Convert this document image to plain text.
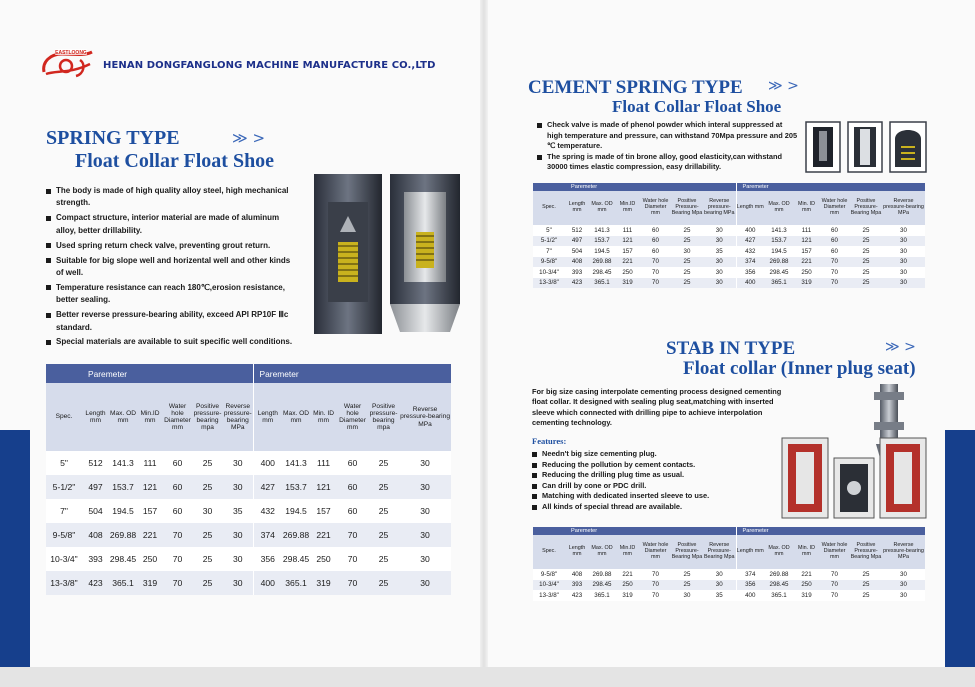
EASTLOONG
HENAN DONGFANGLONG MACHINE MANUFACTURE CO.,LTD
SPRING TYPE	≫ >
Float Collar Float Shoe
The body is made of high quality alloy steel, high mechanical strength.
Compact structure, interior material are made of aluminum alloy, better drillability.
Used spring return check valve, preventing grout return.
Suitable for big slope well and horizental well and other kinds of well.
Temperature resistance can reach 180℃,erosion resistance, better sealing.
Better reverse pressure-bearing ability, exceed API RP10F Ⅲc standard.
Special materials are available to suit specific well conditions.
	Paremeter						Paremeter					
Spec.	Length mm	Max. OD mm	Min.ID mm	Water hole Diameter mm	Positive pressure-bearing mpa	Reverse pressure-bearing MPa	Length mm	Max. OD mm	Min. ID mm	Water hole Diameter mm	Positive pressure-bearing mpa	Reverse pressure-bearing MPa
5"	512	141.3	111	60	25	30	400	141.3	111	60	25	30
5-1/2"	497	153.7	121	60	25	30	427	153.7	121	60	25	30
7"	504	194.5	157	60	30	35	432	194.5	157	60	25	30
9-5/8"	408	269.88	221	70	25	30	374	269.88	221	70	25	30
10-3/4"	393	298.45	250	70	25	30	356	298.45	250	70	25	30
13-3/8"	423	365.1	319	70	25	30	400	365.1	319	70	25	30
CEMENT SPRING TYPE ≫ >
Float Collar Float Shoe
Check valve is made of phenol powder which interal suppressed at high temperature and pressure, can withstand 70Mpa pressure and 205 ℃ temperature.
The spring is made of tin brone alloy, good elasticity,can withstand 30000 times elastic compression, easy drillability.
	Paremeter						Paremeter					
Spec.	Length mm	Max. OD mm	Min.ID mm	Water hole Diameter mm	Positive Pressure-Bearing Mpa	Reverse pressure-bearing MPa	Length mm	Max. OD mm	Min. ID mm	Water hole Diameter mm	Positive Pressure-Bearing Mpa	Reverse pressure-bearing MPa
5"	512	141.3	111	60	25	30	400	141.3	111	60	25	30
5-1/2"	497	153.7	121	60	25	30	427	153.7	121	60	25	30
7"	504	194.5	157	60	30	35	432	194.5	157	60	25	30
9-5/8"	408	269.88	221	70	25	30	374	269.88	221	70	25	30
10-3/4"	393	298.45	250	70	25	30	356	298.45	250	70	25	30
13-3/8"	423	365.1	319	70	25	30	400	365.1	319	70	25	30
STAB IN TYPE	≫ >
Float collar (Inner plug seat)
For big size casing interpolate cementing process designed cementing float collar. It designed with sealing plug seat,matching with inserted sleeve which connected with drilling pipe to achieve interpolation cementing technology.
Features:
Needn't big size cementing plug.
Reducing the pollution by cement contacts.
Reducing the drilling plug time as usual.
Can drill by cone or PDC drill.
Matching with dedicated inserted sleeve to use.
All kinds of special thread are available.
	Paremeter						Paremeter					
Spec.	Length mm	Max. OD mm	Min.ID mm	Water hole Diameter mm	Positive Pressure-Bearing Mpa	Reverse Pressure-Bearing Mpa	Length mm	Max. OD mm	Min. ID mm	Water hole Diameter mm	Positive Pressure-Bearing Mpa	Reverse pressure-bearing MPa
9-5/8"	408	269.88	221	70	25	30	374	269.88	221	70	25	30
10-3/4"	393	298.45	250	70	25	30	356	298.45	250	70	25	30
13-3/8"	423	365.1	319	70	30	35	400	365.1	319	70	25	30
